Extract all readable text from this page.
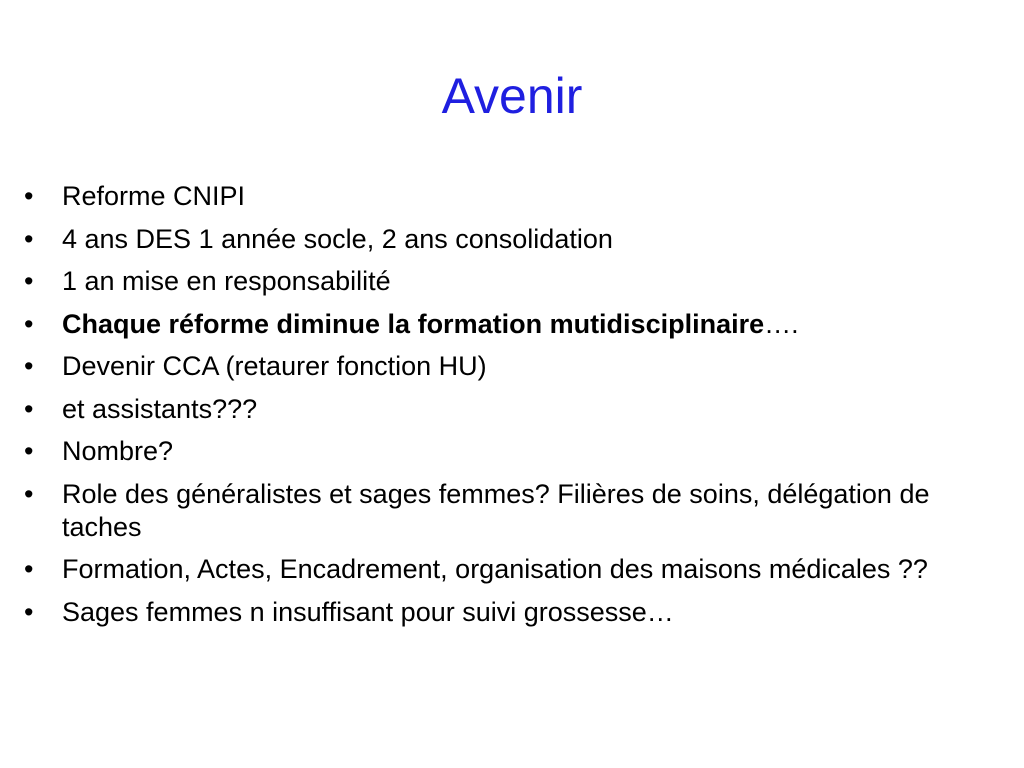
Avenir
•	Reforme CNIPI
•	4 ans DES 1 année socle, 2 ans consolidation
•	1 an mise en responsabilité
•	Chaque réforme diminue la formation mutidisciplinaire….
•	Devenir CCA (retaurer fonction HU)
•	et assistants???
•	Nombre?
•	Role des généralistes et sages femmes? Filières de soins, délégation de taches
•	Formation, Actes, Encadrement, organisation des maisons médicales ??
•	Sages femmes n insuffisant pour suivi grossesse…
